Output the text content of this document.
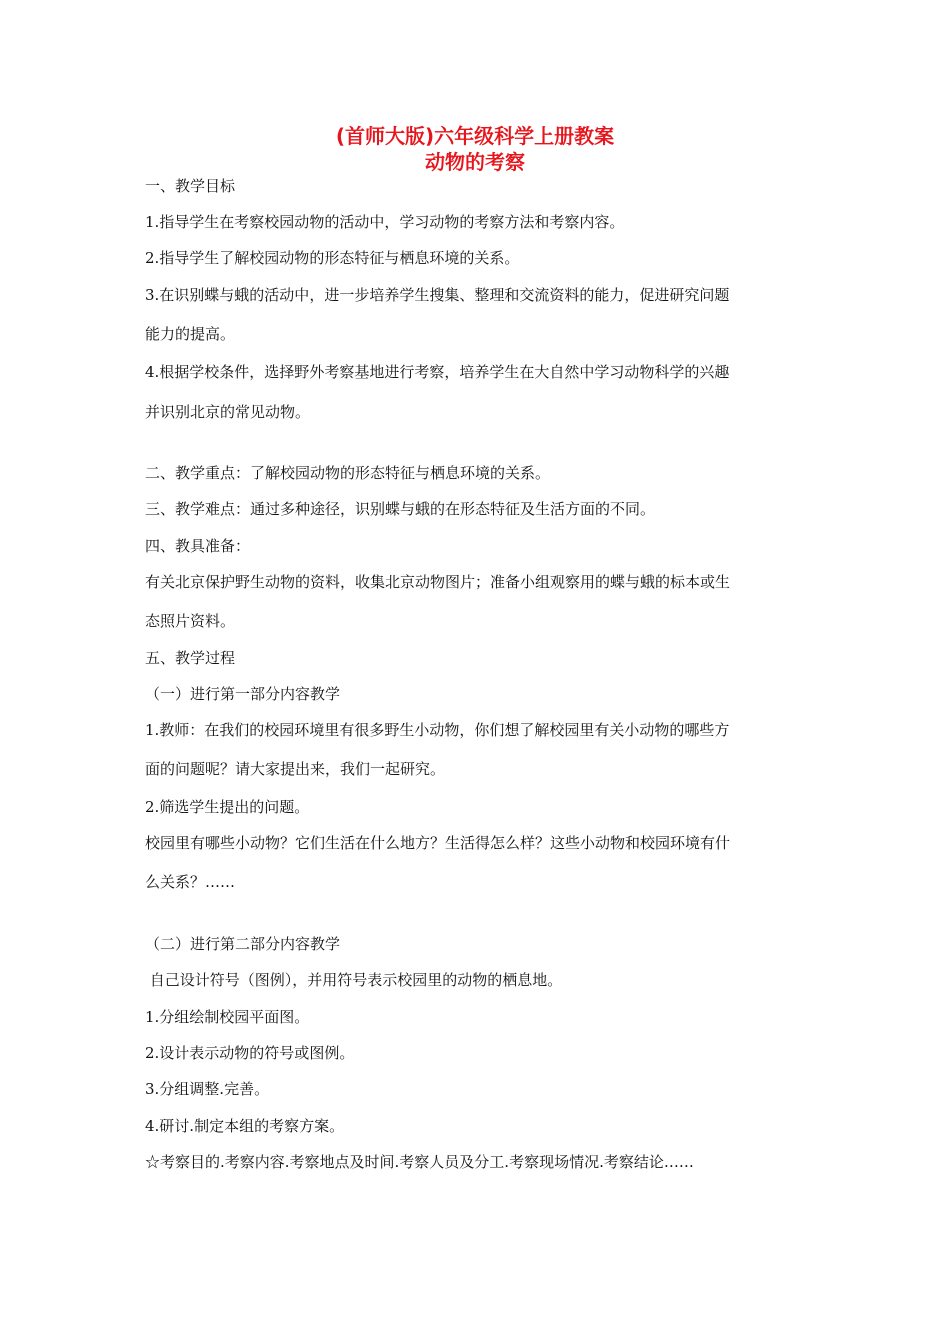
(首师大版)六年级科学上册教案
动物的考察
一、教学目标
1.指导学生在考察校园动物的活动中，学习动物的考察方法和考察内容。
2.指导学生了解校园动物的形态特征与栖息环境的关系。
3.在识别蝶与蛾的活动中，进一步培养学生搜集、整理和交流资料的能力，促进研究问题
能力的提高。
4.根据学校条件，选择野外考察基地进行考察，培养学生在大自然中学习动物科学的兴趣
并识别北京的常见动物。
二、教学重点：了解校园动物的形态特征与栖息环境的关系。
三、教学难点：通过多种途径，识别蝶与蛾的在形态特征及生活方面的不同。
四、教具准备：
有关北京保护野生动物的资料，收集北京动物图片；准备小组观察用的蝶与蛾的标本或生
态照片资料。
五、教学过程
（一）进行第一部分内容教学
1.教师：在我们的校园环境里有很多野生小动物，你们想了解校园里有关小动物的哪些方
面的问题呢？请大家提出来，我们一起研究。
2.筛选学生提出的问题。
校园里有哪些小动物？它们生活在什么地方？生活得怎么样？这些小动物和校园环境有什
么关系？……
（二）进行第二部分内容教学
自己设计符号（图例），并用符号表示校园里的动物的栖息地。
1.分组绘制校园平面图。
2.设计表示动物的符号或图例。
3.分组调整.完善。
4.研讨.制定本组的考察方案。
☆考察目的.考察内容.考察地点及时间.考察人员及分工.考察现场情况.考察结论……
